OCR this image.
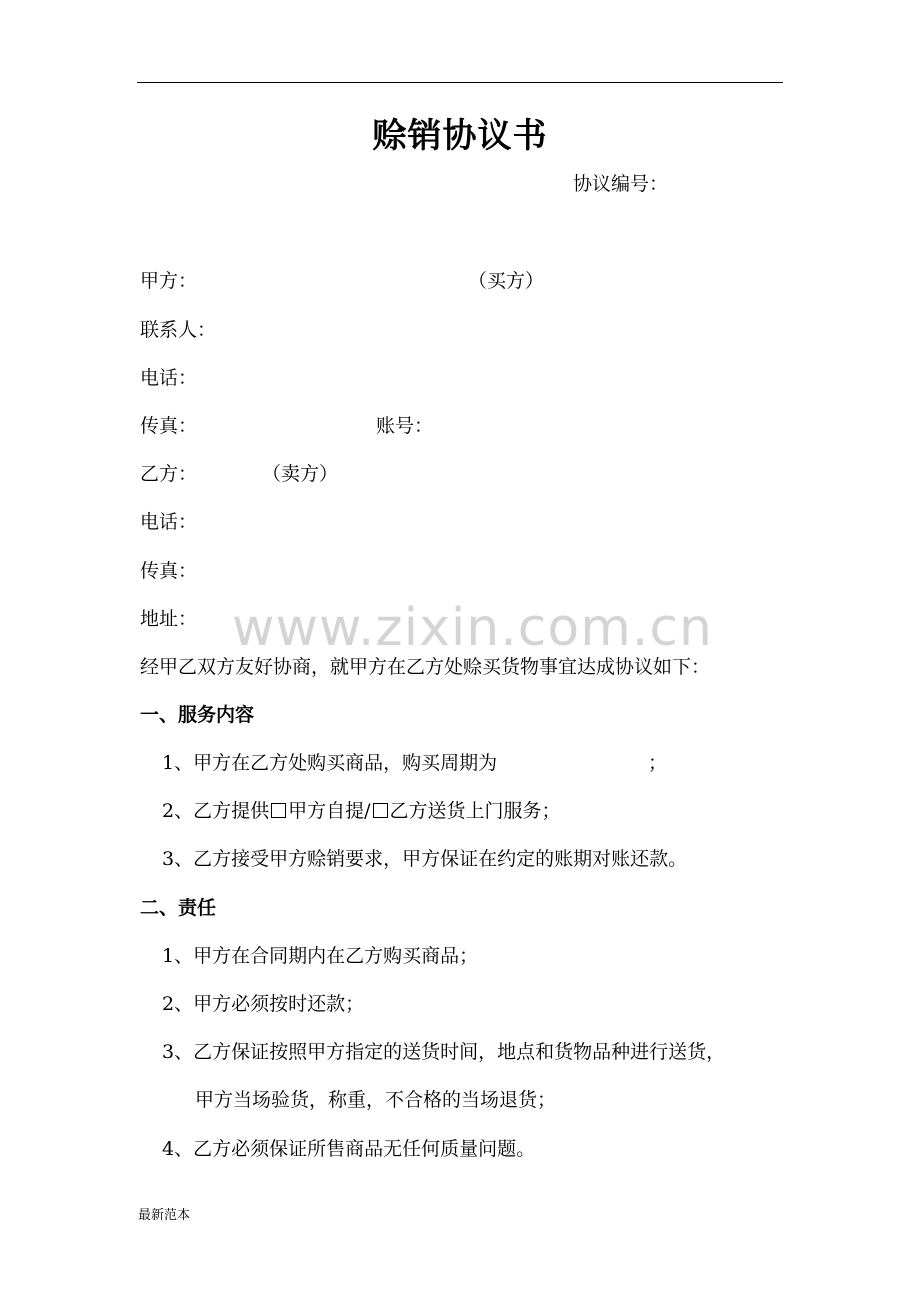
赊销协议书
协议编号：
甲方：	（买方）
联系人：
电话：
传真：	账号：
乙方：	（卖方）
电话：
传真：
地址： www.zixin.com.cn
经甲乙双方友好协商，就甲方在乙方处赊买货物事宜达成协议如下：
一、服务内容
1、甲方在乙方处购买商品，购买周期为	；
2、乙方提供 甲方自提/ 乙方送货上门服务；
3、乙方接受甲方赊销要求，甲方保证在约定的账期对账还款。
二、责任
1、甲方在合同期内在乙方购买商品；
2、甲方必须按时还款；
3、乙方保证按照甲方指定的送货时间，地点和货物品种进行送货，
甲方当场验货，称重，不合格的当场退货；
4、乙方必须保证所售商品无任何质量问题。
最新范本
